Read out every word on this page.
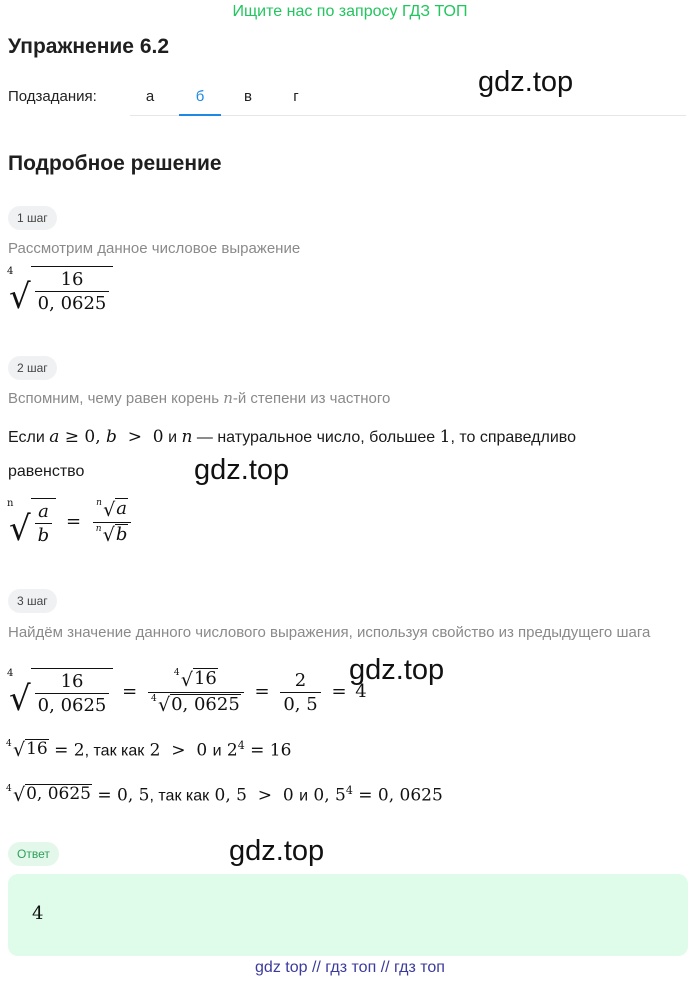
Ищите нас по запросу ГДЗ ТОП
Упражнение 6.2
gdz.top
Подзадания:	а	б	в	г
Подробное решение
1 шаг
Рассмотрим данное числовое выражение
4
√ $\frac{16}{0, 0625}$
2 шаг
Вспомним, чему равен корень n-й степени из частного
Если a ≥ 0, b  >  0 и n — натуральное число, большее 1, то справедливо
равенство	gdz.top
n
√ $\frac{a}{b} = \frac{n √ a}{n √ b}$
3 шаг
Найдём значение данного числового выражения, используя свойство из предыдущего шага
gdz.top
4
√ $\frac{16}{0, 0625} = \frac{4 √ 16}{4 √ 0, 0625} = \frac{2}{0, 5} = 4$
4 √ 16 = 2, так как 2  >  0 и $2^4 = 16$
4 √ 0, 0625 = 0, 5, так как 0, 5  >  0 и 0, $5^4 = 0$, 0625
Ответ	gdz.top
4
gdz top // гдз топ // гдз топ
